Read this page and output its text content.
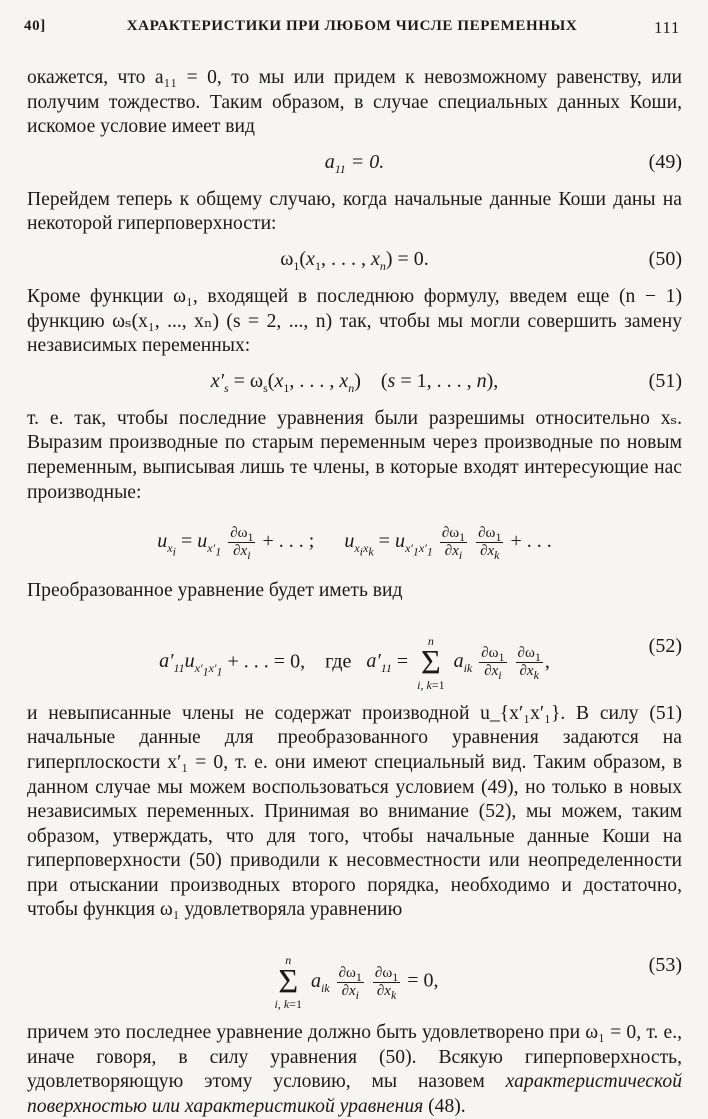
40]	ХАРАКТЕРИСТИКИ ПРИ ЛЮБОМ ЧИСЛЕ ПЕРЕМЕННЫХ	111

окажется, что a₁₁ = 0, то мы или придем к невозможному равенству, или получим тождество. Таким образом, в случае специальных данных Коши, искомое условие имеет вид

$a_{11} = 0$.	(49)

Перейдем теперь к общему случаю, когда начальные данные Коши даны на некоторой гиперповерхности:

$\omega_1(x_1$, . . . , $x_n) = 0$.	(50)

Кроме функции ω₁, входящей в последнюю формулу, введем еще (n − 1) функцию ωₛ(x₁, ..., xₙ) (s = 2, ..., n) так, чтобы мы могли совершить замену независимых переменных:

$x'_s = \omega_s(x_1$, . . . , $x_n$)    (s = 1, . . . , n),	(51)

т. е. так, чтобы последние уравнения были разрешимы относительно xₛ. Выразим производные по старым переменным через производные по новым переменным, выписывая лишь те члены, в которые входят интересующие нас производные:

$u_{x_i} = u_{x'_1} \frac{\partial\omega_1}{\partial x_i}$ + . . . ; $u_{x_ix_k} = u_{x'_1x'_1} \frac{\partial\omega_1}{\partial x_i}$
$\frac{\partial\omega_1}{\partial x_k}$ + . . .

Преобразованное уравнение будет иметь вид

$a'_{11}u_{x'_1x'_1}$ + . . . = 0,    где $a'_{11} = n$
Σ
i, k=1 $a_{ik} \frac{\partial\omega_1}{\partial x_i}$
$\frac{\partial\omega_1}{\partial x_k}$ ,
(52)

и невыписанные члены не содержат производной u_{x′₁x′₁}. В силу (51) начальные данные для преобразованного уравнения задаются на гиперплоскости x′₁ = 0, т. е. они имеют специальный вид. Таким образом, в данном случае мы можем воспользоваться условием (49), но только в новых независимых переменных. Принимая во внимание (52), мы можем, таким образом, утверждать, что для того, чтобы начальные данные Коши на гиперповерхности (50) приводили к несовместности или неопределенности при отыскании производных второго порядка, необходимо и достаточно, чтобы функция ω₁ удовлетворяла уравнению

n
Σ
i, k=1 $a_{ik} \frac{\partial\omega_1}{\partial x_i}$
$\frac{\partial\omega_1}{\partial x_k} = 0$,
(53)

причем это последнее уравнение должно быть удовлетворено при ω₁ = 0, т. е., иначе говоря, в силу уравнения (50). Всякую гиперповерхность, удовлетворяющую этому условию, мы назовем характеристической поверхностью или характеристикой уравнения (48).
